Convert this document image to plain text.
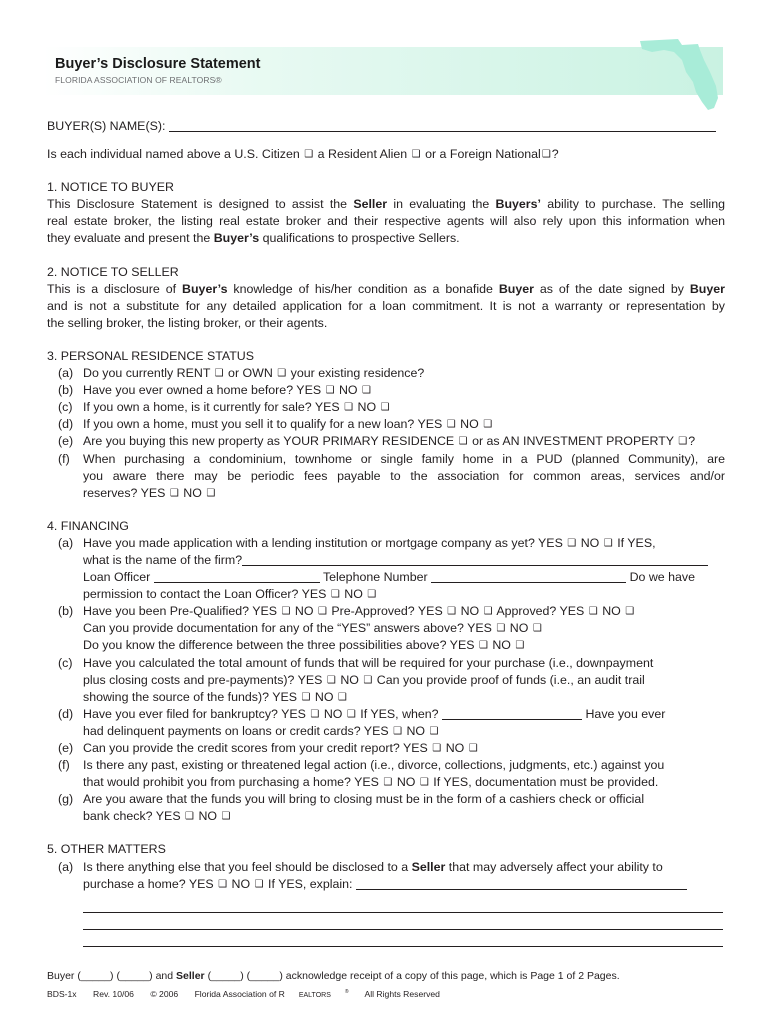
Buyer’s Disclosure Statement
FLORIDA ASSOCIATION OF REALTORS®
BUYER(S) NAME(S):
Is each individual named above a U.S. Citizen ❑ a Resident Alien ❑ or a Foreign National❑?
1. NOTICE TO BUYER
This Disclosure Statement is designed to assist the Seller in evaluating the Buyers’ ability to purchase. The selling
real estate broker, the listing real estate broker and their respective agents will also rely upon this information when
they evaluate and present the Buyer’s qualifications to prospective Sellers.
2. NOTICE TO SELLER
This is a disclosure of Buyer’s knowledge of his/her condition as a bonafide Buyer as of the date signed by Buyer
and is not a substitute for any detailed application for a loan commitment. It is not a warranty or representation by
the selling broker, the listing broker, or their agents.
3. PERSONAL RESIDENCE STATUS
(a) Do you currently RENT ❑ or OWN ❑ your existing residence?
(b) Have you ever owned a home before? YES ❑ NO ❑
(c) If you own a home, is it currently for sale? YES ❑ NO ❑
(d) If you own a home, must you sell it to qualify for a new loan? YES ❑ NO ❑
(e) Are you buying this new property as YOUR PRIMARY RESIDENCE ❑ or as AN INVESTMENT PROPERTY ❑?
(f) When purchasing a condominium, townhome or single family home in a PUD (planned Community), are
you aware there may be periodic fees payable to the association for common areas, services and/or
reserves? YES ❑ NO ❑
4. FINANCING
(a) Have you made application with a lending institution or mortgage company as yet? YES ❑ NO ❑ If YES,
what is the name of the firm?
Loan Officer	Telephone Number	Do we have
permission to contact the Loan Officer? YES ❑ NO ❑
(b) Have you been Pre-Qualified? YES ❑ NO ❑ Pre-Approved? YES ❑ NO ❑ Approved? YES ❑ NO ❑
Can you provide documentation for any of the “YES” answers above? YES ❑ NO ❑
Do you know the difference between the three possibilities above? YES ❑ NO ❑
(c) Have you calculated the total amount of funds that will be required for your purchase (i.e., downpayment
plus closing costs and pre-payments)? YES ❑ NO ❑ Can you provide proof of funds (i.e., an audit trail
showing the source of the funds)? YES ❑ NO ❑
(d) Have you ever filed for bankruptcy? YES ❑ NO ❑ If YES, when?	Have you ever
had delinquent payments on loans or credit cards? YES ❑ NO ❑
(e) Can you provide the credit scores from your credit report? YES ❑ NO ❑
(f) Is there any past, existing or threatened legal action (i.e., divorce, collections, judgments, etc.) against you
that would prohibit you from purchasing a home? YES ❑ NO ❑ If YES, documentation must be provided.
(g) Are you aware that the funds you will bring to closing must be in the form of a cashiers check or official
bank check? YES ❑ NO ❑
5. OTHER MATTERS
(a) Is there anything else that you feel should be disclosed to a Seller that may adversely affect your ability to
purchase a home? YES ❑ NO ❑ If YES, explain:
Buyer (_____) (_____) and Seller (_____) (_____) acknowledge receipt of a copy of this page, which is Page 1 of 2 Pages.
BDS-1x Rev. 10/06 © 2006 Florida Association of R EALTORS	® All Rights Reserved
